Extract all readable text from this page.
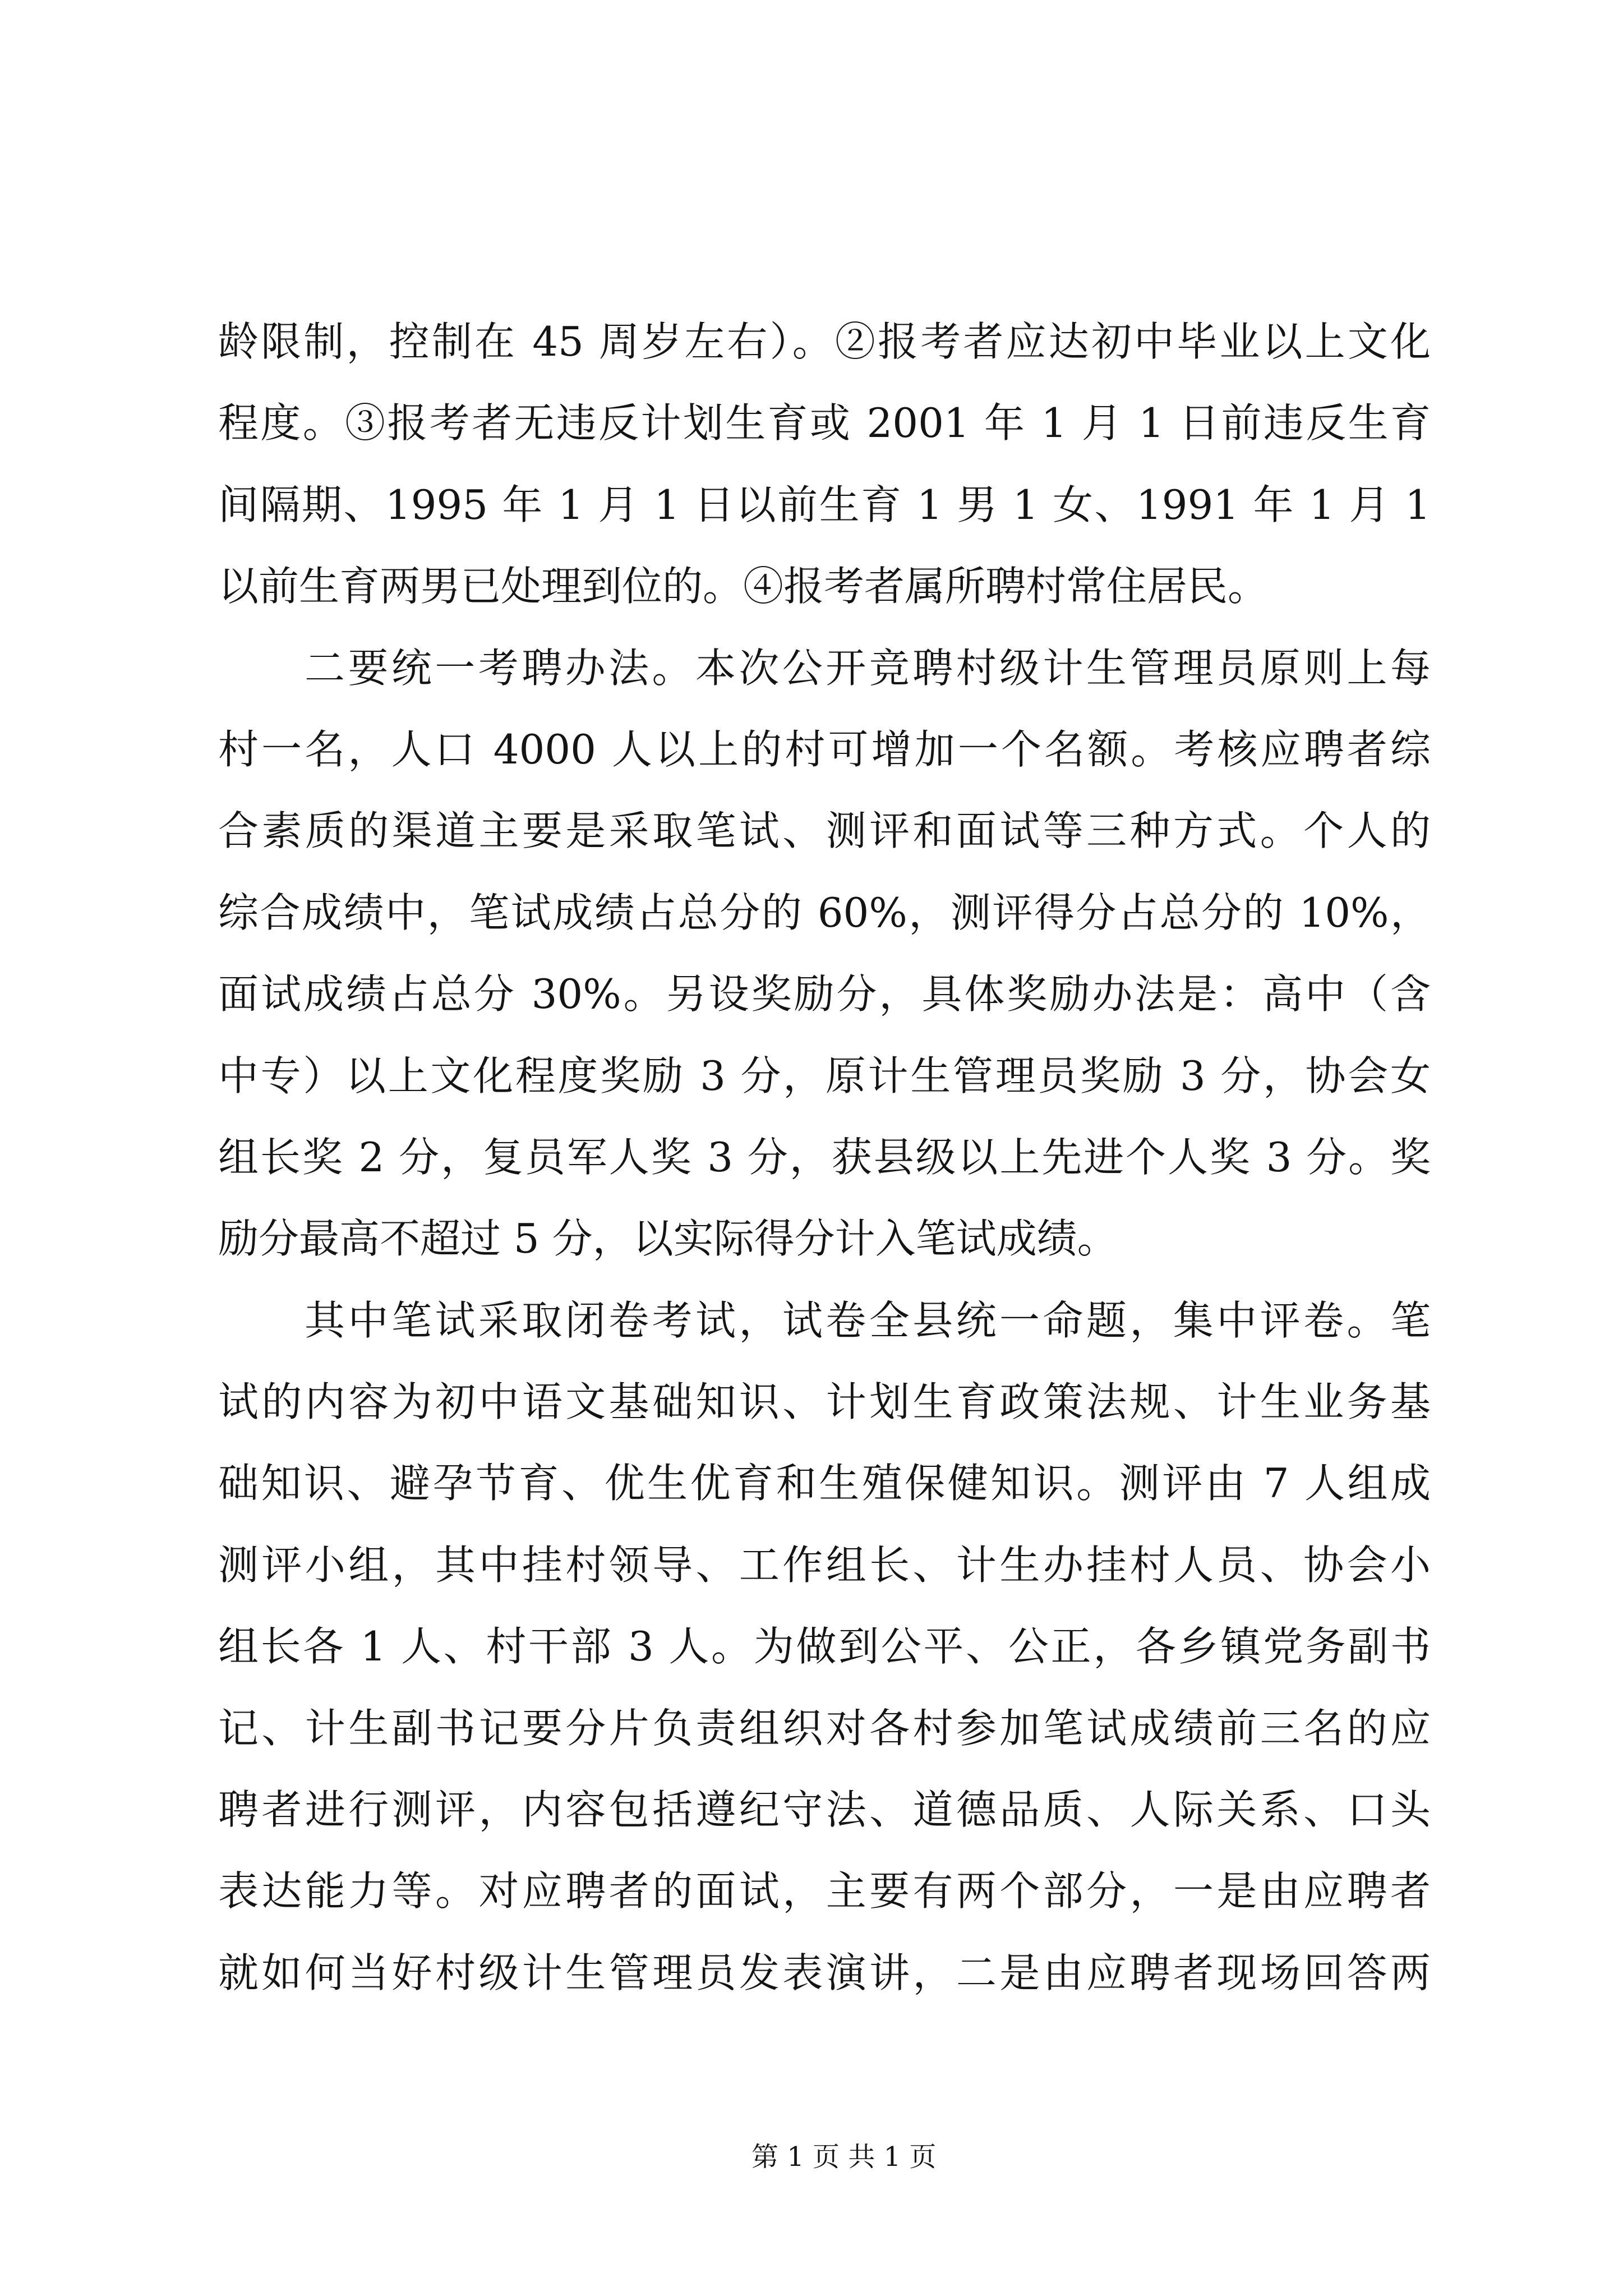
龄限制，控制在 45 周岁左右）。②报考者应达初中毕业以上文化
程度。③报考者无违反计划生育或 2001 年 1 月 1 日前违反生育
间隔期、1995 年 1 月 1 日以前生育 1 男 1 女、1991 年 1 月 1
以前生育两男已处理到位的。④报考者属所聘村常住居民。
二要统一考聘办法。本次公开竞聘村级计生管理员原则上每
村一名，人口 4000 人以上的村可增加一个名额。考核应聘者综
合素质的渠道主要是采取笔试、测评和面试等三种方式。个人的
综合成绩中，笔试成绩占总分的 60%，测评得分占总分的 10%，
面试成绩占总分 30%。另设奖励分，具体奖励办法是：高中（含
中专）以上文化程度奖励 3 分，原计生管理员奖励 3 分，协会女
组长奖 2 分，复员军人奖 3 分，获县级以上先进个人奖 3 分。奖
励分最高不超过 5 分，以实际得分计入笔试成绩。
其中笔试采取闭卷考试，试卷全县统一命题，集中评卷。笔
试的内容为初中语文基础知识、计划生育政策法规、计生业务基
础知识、避孕节育、优生优育和生殖保健知识。测评由 7 人组成
测评小组，其中挂村领导、工作组长、计生办挂村人员、协会小
组长各 1 人、村干部 3 人。为做到公平、公正，各乡镇党务副书
记、计生副书记要分片负责组织对各村参加笔试成绩前三名的应
聘者进行测评，内容包括遵纪守法、道德品质、人际关系、口头
表达能力等。对应聘者的面试，主要有两个部分，一是由应聘者
就如何当好村级计生管理员发表演讲，二是由应聘者现场回答两
第 1 页 共 1 页
